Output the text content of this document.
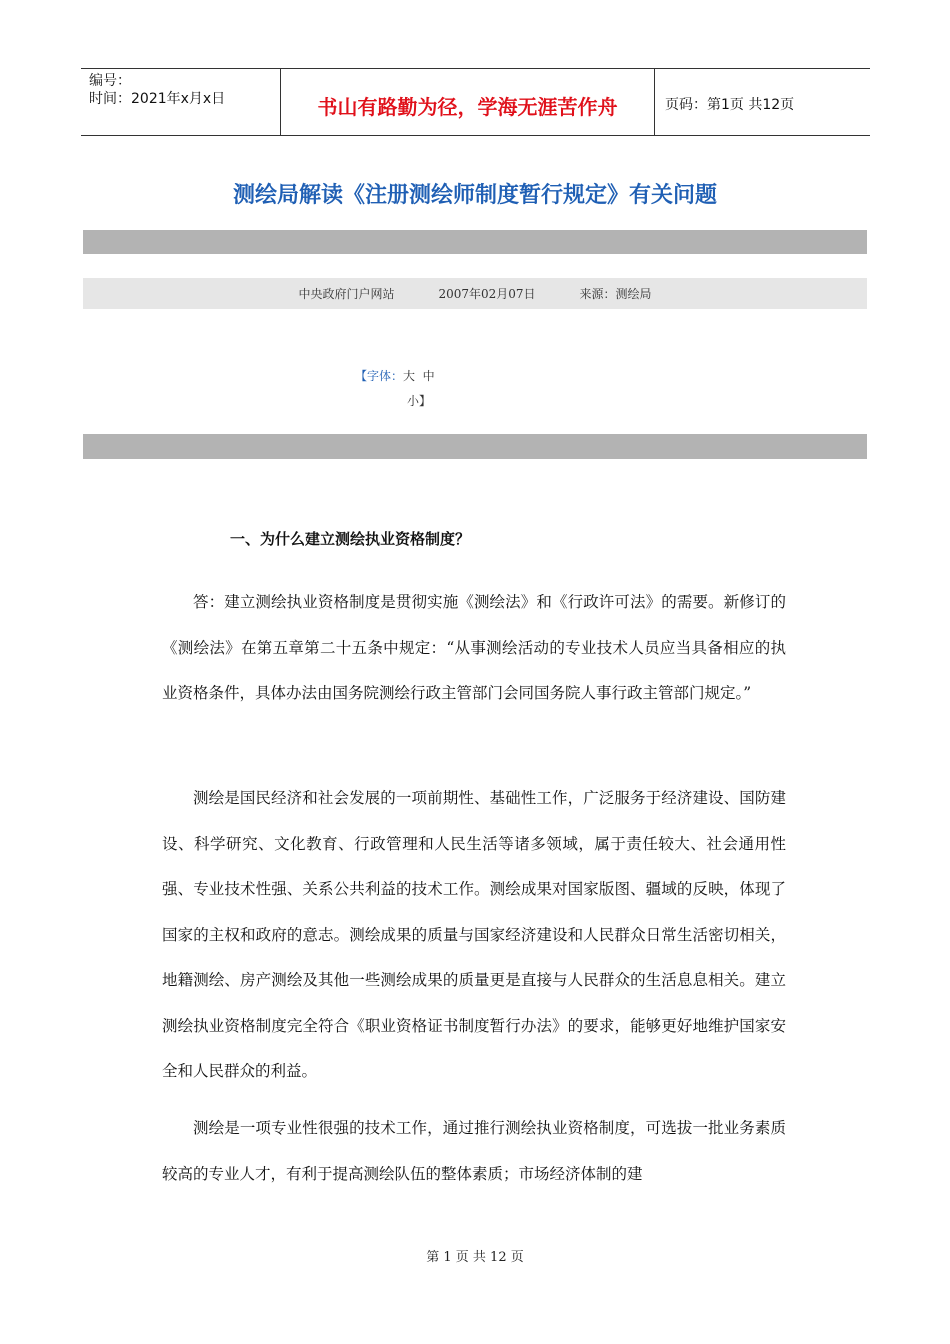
编号：
时间：2021年x月x日	书山有路勤为径，学海无涯苦作舟	页码：第1页 共12页
测绘局解读《注册测绘师制度暂行规定》有关问题
中央政府门户网站	2007年02月07日	来源：测绘局
【字体：大 中
小】
一、为什么建立测绘执业资格制度？

答：建立测绘执业资格制度是贯彻实施《测绘法》和《行政许可法》的需要。新修订的《测绘法》在第五章第二十五条中规定：“从事测绘活动的专业技术人员应当具备相应的执业资格条件，具体办法由国务院测绘行政主管部门会同国务院人事行政主管部门规定。”

测绘是国民经济和社会发展的一项前期性、基础性工作，广泛服务于经济建设、国防建设、科学研究、文化教育、行政管理和人民生活等诸多领域，属于责任较大、社会通用性强、专业技术性强、关系公共利益的技术工作。测绘成果对国家版图、疆域的反映，体现了国家的主权和政府的意志。测绘成果的质量与国家经济建设和人民群众日常生活密切相关，地籍测绘、房产测绘及其他一些测绘成果的质量更是直接与人民群众的生活息息相关。建立测绘执业资格制度完全符合《职业资格证书制度暂行办法》的要求，能够更好地维护国家安全和人民群众的利益。

测绘是一项专业性很强的技术工作，通过推行测绘执业资格制度，可选拔一批业务素质较高的专业人才，有利于提高测绘队伍的整体素质；市场经济体制的建

第 1 页 共 12 页
